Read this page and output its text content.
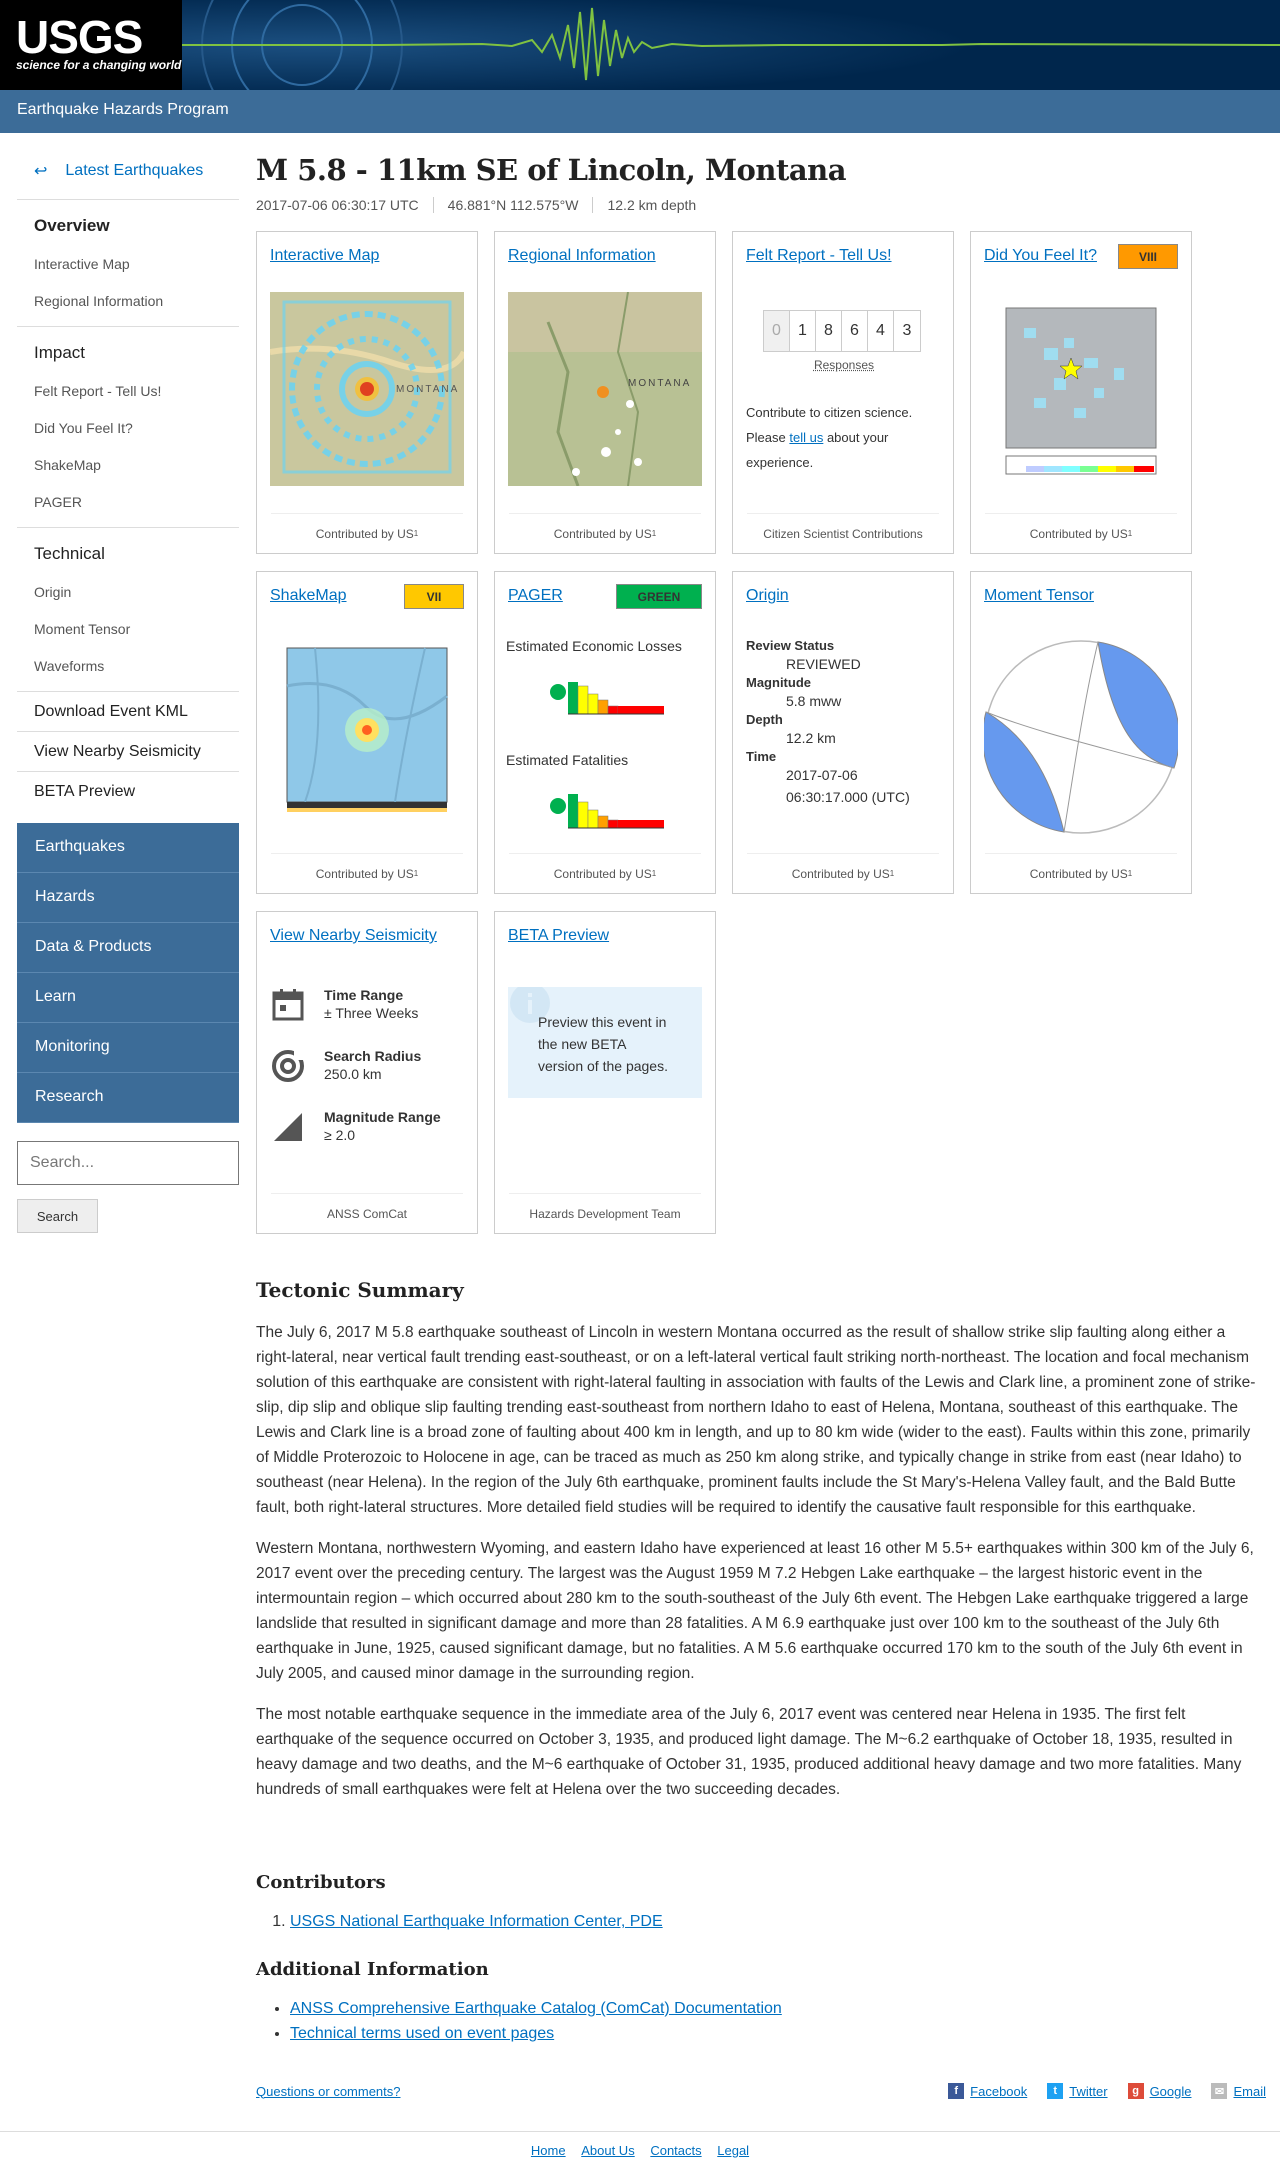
USGS
science for a changing world
Earthquake Hazards Program
↩ Latest Earthquakes
Overview
Interactive Map
Regional Information
Impact
Felt Report - Tell Us!
Did You Feel It?
ShakeMap
PAGER
Technical
Origin
Moment Tensor
Waveforms
Download Event KML
View Nearby Seismicity
BETA Preview
Earthquakes
Hazards
Data & Products
Learn
Monitoring
Research
Search...
Search
M 5.8 - 11km SE of Lincoln, Montana
2017-07-06 06:30:17 UTC	46.881°N 112.575°W	12.2 km depth
Interactive Map
MONTANA
Contributed by US 1
Regional Information
MONTANA
Contributed by US 1
Felt Report - Tell Us!
0	1	8	6	4	3
Responses
Contribute to citizen science.
Please tell us about your experience.
Citizen Scientist Contributions
Did You Feel It?	VIII
Contributed by US 1
ShakeMap	VII
Contributed by US 1
PAGER	GREEN
Estimated Economic Losses
Estimated Fatalities
Contributed by US 1
Origin
Review Status
REVIEWED
Magnitude
5.8 mww
Depth
12.2 km
Time
2017-07-06
06:30:17.000 (UTC)
Contributed by US 1
Moment Tensor
Contributed by US 1
View Nearby Seismicity
Time Range
± Three Weeks
Search Radius
250.0 km
Magnitude Range
≥ 2.0
ANSS ComCat
BETA Preview
Preview this event in the new BETA version of the pages.
Hazards Development Team
Tectonic Summary

The July 6, 2017 M 5.8 earthquake southeast of Lincoln in western Montana occurred as the result of shallow strike slip faulting along either a right-lateral, near vertical fault trending east-southeast, or on a left-lateral vertical fault striking north-northeast. The location and focal mechanism solution of this earthquake are consistent with right-lateral faulting in association with faults of the Lewis and Clark line, a prominent zone of strike-slip, dip slip and oblique slip faulting trending east-southeast from northern Idaho to east of Helena, Montana, southeast of this earthquake. The Lewis and Clark line is a broad zone of faulting about 400 km in length, and up to 80 km wide (wider to the east). Faults within this zone, primarily of Middle Proterozoic to Holocene in age, can be traced as much as 250 km along strike, and typically change in strike from east (near Idaho) to southeast (near Helena). In the region of the July 6th earthquake, prominent faults include the St Mary's-Helena Valley fault, and the Bald Butte fault, both right-lateral structures. More detailed field studies will be required to identify the causative fault responsible for this earthquake.

Western Montana, northwestern Wyoming, and eastern Idaho have experienced at least 16 other M 5.5+ earthquakes within 300 km of the July 6, 2017 event over the preceding century. The largest was the August 1959 M 7.2 Hebgen Lake earthquake – the largest historic event in the intermountain region – which occurred about 280 km to the south-southeast of the July 6th event. The Hebgen Lake earthquake triggered a large landslide that resulted in significant damage and more than 28 fatalities. A M 6.9 earthquake just over 100 km to the southeast of the July 6th earthquake in June, 1925, caused significant damage, but no fatalities. A M 5.6 earthquake occurred 170 km to the south of the July 6th event in July 2005, and caused minor damage in the surrounding region.

The most notable earthquake sequence in the immediate area of the July 6, 2017 event was centered near Helena in 1935. The first felt earthquake of the sequence occurred on October 3, 1935, and produced light damage. The M~6.2 earthquake of October 18, 1935, resulted in heavy damage and two deaths, and the M~6 earthquake of October 31, 1935, produced additional heavy damage and two more fatalities. Many hundreds of small earthquakes were felt at Helena over the two succeeding decades.

Contributors
1. USGS National Earthquake Information Center, PDE
Additional Information
• ANSS Comprehensive Earthquake Catalog (ComCat) Documentation
• Technical terms used on event pages
Questions or comments?	f Facebook	t Twitter	g Google	✉ Email
Home About Us Contacts Legal
